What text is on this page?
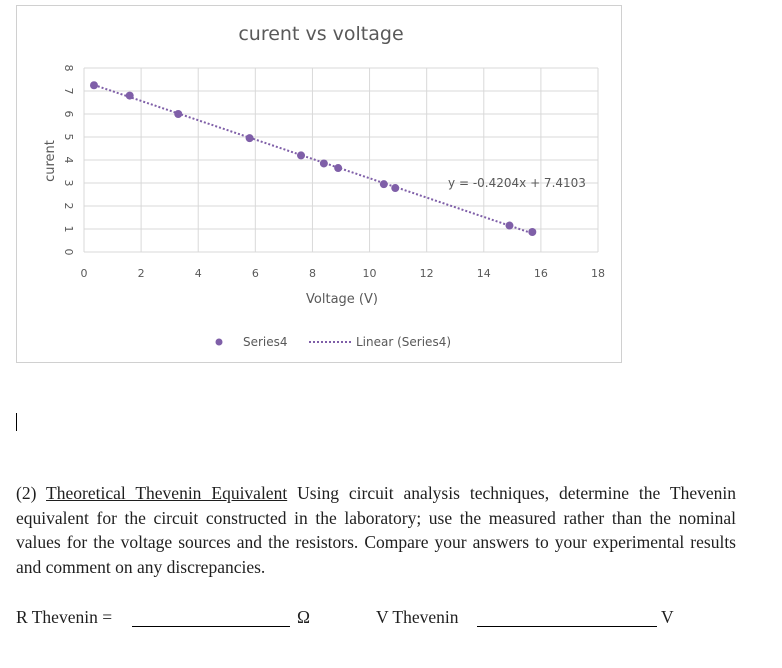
curent vs voltage
0
1
2
3
4
5
6
7
8
0	2	4	6	8	10	12	14	16	18
y = -0.4204x + 7.4103
Voltage (V)
curent
Series4	Linear (Series4)

(2) Theoretical Thevenin Equivalent Using circuit analysis techniques, determine the Thevenin equivalent for the circuit constructed in the laboratory; use the measured rather than the nominal values for the voltage sources and the resistors. Compare your answers to your experimental results and comment on any discrepancies.

R Thevenin =	Ω	V Thevenin	V
